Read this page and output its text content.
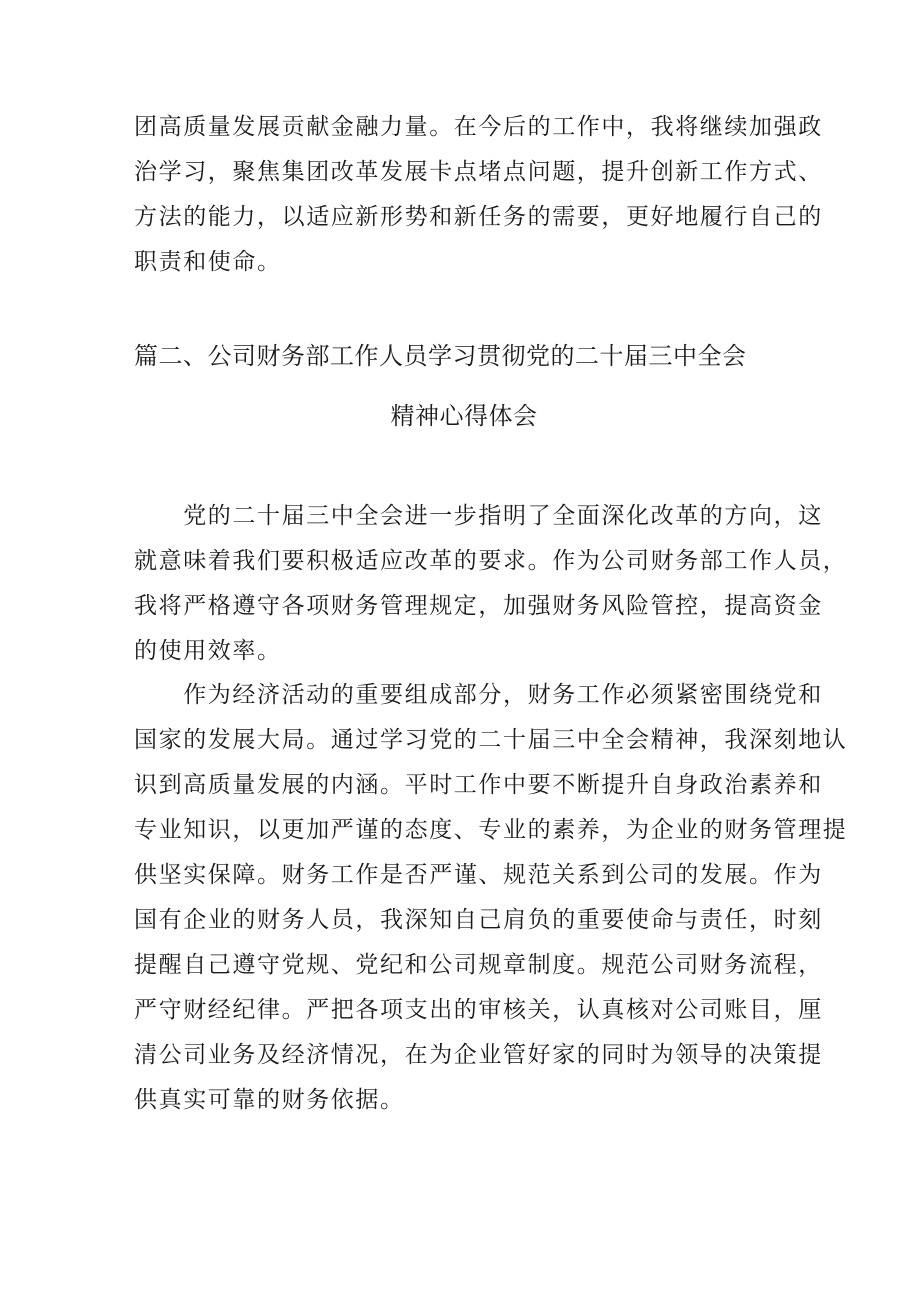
团高质量发展贡献金融力量。在今后的工作中，我将继续加强政
治学习，聚焦集团改革发展卡点堵点问题，提升创新工作方式、
方法的能力，以适应新形势和新任务的需要，更好地履行自己的
职责和使命。

篇二、公司财务部工作人员学习贯彻党的二十届三中全会
精神心得体会

　　党的二十届三中全会进一步指明了全面深化改革的方向，这
就意味着我们要积极适应改革的要求。作为公司财务部工作人员，
我将严格遵守各项财务管理规定，加强财务风险管控，提高资金
的使用效率。

　　作为经济活动的重要组成部分，财务工作必须紧密围绕党和
国家的发展大局。通过学习党的二十届三中全会精神，我深刻地认
识到高质量发展的内涵。平时工作中要不断提升自身政治素养和
专业知识，以更加严谨的态度、专业的素养，为企业的财务管理提
供坚实保障。财务工作是否严谨、规范关系到公司的发展。作为
国有企业的财务人员，我深知自己肩负的重要使命与责任，时刻
提醒自己遵守党规、党纪和公司规章制度。规范公司财务流程，
严守财经纪律。严把各项支出的审核关，认真核对公司账目，厘
清公司业务及经济情况，在为企业管好家的同时为领导的决策提
供真实可靠的财务依据。
